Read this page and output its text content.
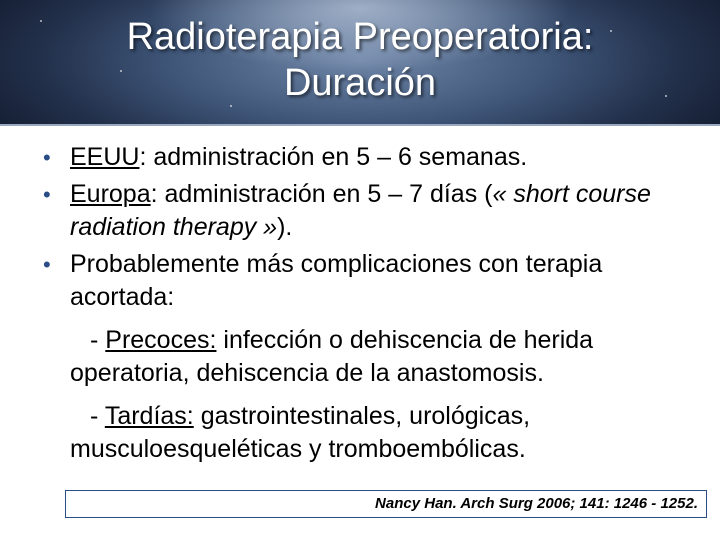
Radioterapia Preoperatoria:
Duración
• EEUU: administración en 5 – 6 semanas.
• Europa: administración en 5 – 7 días (« short course radiation therapy »).
• Probablemente más complicaciones con terapia acortada:
- Precoces: infección o dehiscencia de herida operatoria, dehiscencia de la anastomosis.
- Tardías: gastrointestinales, urológicas, musculoesqueléticas y tromboembólicas.
Nancy Han. Arch Surg 2006; 141: 1246 - 1252.
